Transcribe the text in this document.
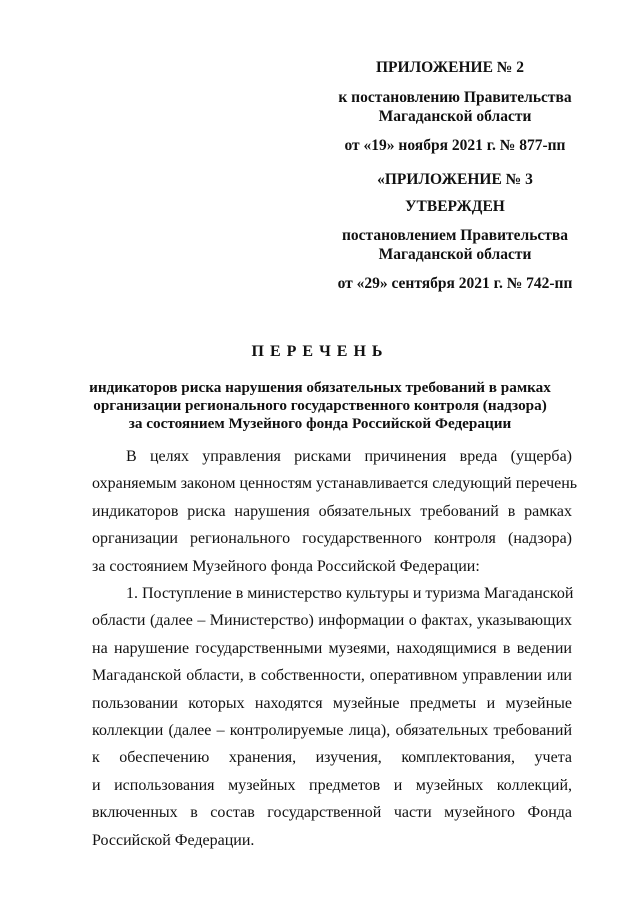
ПРИЛОЖЕНИЕ № 2
к постановлению Правительства
Магаданской области
от «19» ноября 2021 г. № 877-пп
«ПРИЛОЖЕНИЕ № 3
УТВЕРЖДЕН
постановлением Правительства
Магаданской области
от «29» сентября 2021 г. № 742-пп
ПЕРЕЧЕНЬ
индикаторов риска нарушения обязательных требований в рамках
организации регионального государственного контроля (надзора)
за состоянием Музейного фонда Российской Федерации
В целях управления рисками причинения вреда (ущерба)
охраняемым законом ценностям устанавливается следующий перечень
индикаторов риска нарушения обязательных требований в рамках
организации регионального государственного контроля (надзора)
за состоянием Музейного фонда Российской Федерации:
1. Поступление в министерство культуры и туризма Магаданской
области (далее – Министерство) информации о фактах, указывающих
на нарушение государственными музеями, находящимися в ведении
Магаданской области, в собственности, оперативном управлении или
пользовании которых находятся музейные предметы и музейные
коллекции (далее – контролируемые лица), обязательных требований
к обеспечению хранения, изучения, комплектования, учета
и использования музейных предметов и музейных коллекций,
включенных в состав государственной части музейного Фонда
Российской Федерации.
